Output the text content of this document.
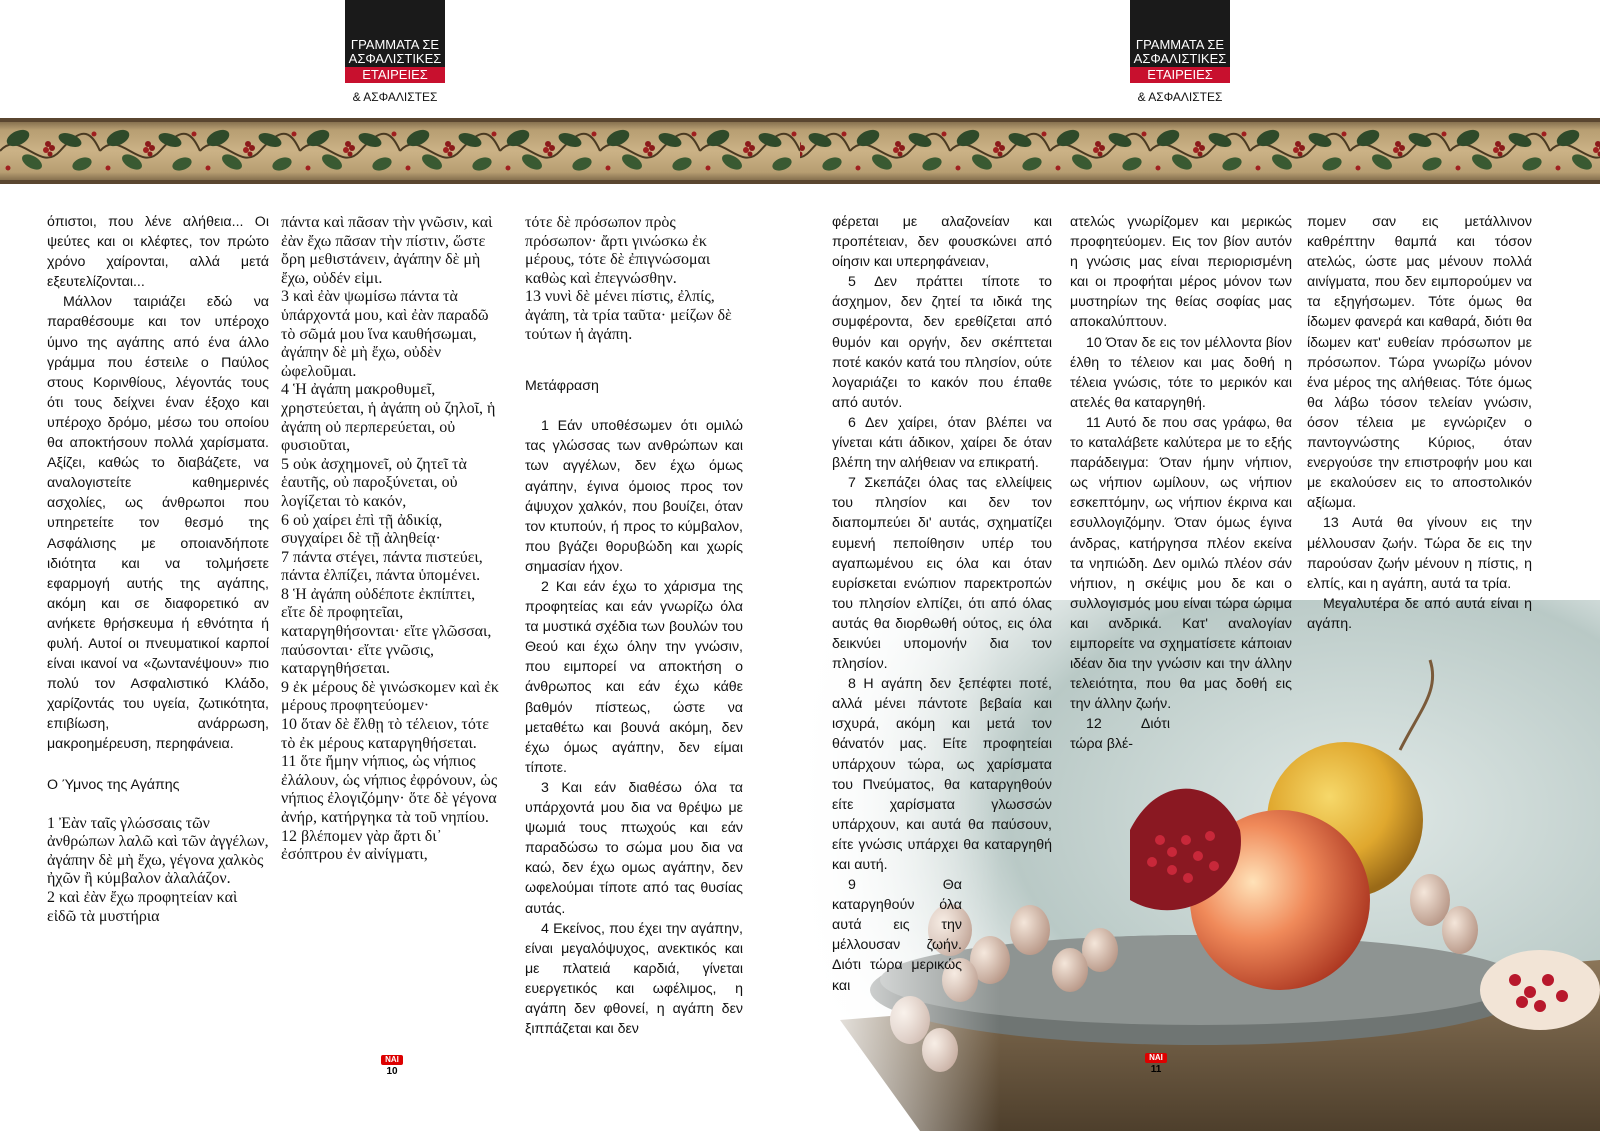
ΓΡΑΜΜΑΤΑ ΣΕ
ΑΣΦΑΛΙΣΤΙΚΕΣ
ΕΤΑΙΡΕΙΕΣ
& ΑΣΦΑΛΙΣΤΕΣ

όπιστοι, που λένε αλήθεια... Οι ψεύτες και οι κλέφτες, τον πρώτο χρόνο χαίρονται, αλλά μετά εξευτελίζονται...

Μάλλον ταιριάζει εδώ να παραθέσουμε και τον υπέροχο ύμνο της αγάπης από ένα άλλο γράμμα που έστειλε ο Παύλος στους Κορινθίους, λέγοντάς τους ότι τους δείχνει έναν έξοχο και υπέροχο δρόμο, μέσω του οποίου θα αποκτήσουν πολλά χαρίσματα. Αξίζει, καθώς το διαβάζετε, να αναλογιστείτε καθημερινές ασχολίες, ως άνθρωποι που υπηρετείτε τον θεσμό της Ασφάλισης με οποιανδήποτε ιδιότητα και να τολμήσετε εφαρμογή αυτής της αγάπης, ακόμη και σε διαφορετικό αν ανήκετε θρήσκευμα ή εθνότητα ή φυλή. Αυτοί οι πνευματικοί καρποί είναι ικανοί να «ζωντανέψουν» πιο πολύ τον Ασφαλιστικό Κλάδο, χαρίζοντάς του υγεία, ζωτικότητα, επιβίωση, ανάρρωση, μακροημέρευση, περηφάνεια.

Ο Ύμνος της Αγάπης

1 Ἐὰν ταῖς γλώσσαις τῶν ἀνθρώπων λαλῶ καὶ τῶν ἀγγέλων, ἀγάπην δὲ μὴ ἔχω, γέγονα χαλκὸς ἠχῶν ἢ κύμβαλον ἀλαλάζον.

2 καὶ ἐὰν ἔχω προφητείαν καὶ εἰδῶ τὰ μυστήρια

πάντα καὶ πᾶσαν τὴν γνῶσιν, καὶ ἐὰν ἔχω πᾶσαν τὴν πίστιν, ὥστε ὄρη μεθιστάνειν, ἀγάπην δὲ μὴ ἔχω, οὐδέν εἰμι.

3 καὶ ἐὰν ψωμίσω πάντα τὰ ὑπάρχοντά μου, καὶ ἐὰν παραδῶ τὸ σῶμά μου ἵνα καυθήσωμαι, ἀγάπην δὲ μὴ ἔχω, οὐδὲν ὠφελοῦμαι.

4 Ἡ ἀγάπη μακροθυμεῖ, χρηστεύεται, ἡ ἀγάπη οὐ ζηλοῖ, ἡ ἀγάπη οὐ περπερεύεται, οὐ φυσιοῦται,

5 οὐκ ἀσχημονεῖ, οὐ ζητεῖ τὰ ἑαυτῆς, οὐ παροξύνεται, οὐ λογίζεται τὸ κακόν,

6 οὐ χαίρει ἐπὶ τῇ ἀδικίᾳ, συγχαίρει δὲ τῇ ἀληθείᾳ·

7 πάντα στέγει, πάντα πιστεύει, πάντα ἐλπίζει, πάντα ὑπομένει.

8 Ἡ ἀγάπη οὐδέποτε ἐκπίπτει, εἴτε δὲ προφητεῖαι, καταργηθήσονται· εἴτε γλῶσσαι, παύσονται· εἴτε γνῶσις, καταργηθήσεται.

9 ἐκ μέρους δὲ γινώσκομεν καὶ ἐκ μέρους προφητεύομεν·

10 ὅταν δὲ ἔλθῃ τὸ τέλειον, τότε τὸ ἐκ μέρους καταργηθήσεται.

11 ὅτε ἤμην νήπιος, ὡς νήπιος ἐλάλουν, ὡς νήπιος ἐφρόνουν, ὡς νήπιος ἐλογιζόμην· ὅτε δὲ γέγονα ἀνήρ, κατήργηκα τὰ τοῦ νηπίου.

12 βλέπομεν γὰρ ἄρτι δι᾽ ἐσόπτρου ἐν αἰνίγματι,

τότε δὲ πρόσωπον πρὸς πρόσωπον· ἄρτι γινώσκω ἐκ μέρους, τότε δὲ ἐπιγνώσομαι καθὼς καὶ ἐπεγνώσθην.

13 νυνὶ δὲ μένει πίστις, ἐλπίς, ἀγάπη, τὰ τρία ταῦτα· μείζων δὲ τούτων ἡ ἀγάπη.

Μετάφραση

1 Εάν υποθέσωμεν ότι ομιλώ τας γλώσσας των ανθρώπων και των αγγέλων, δεν έχω όμως αγάπην, έγινα όμοιος προς τον άψυχον χαλκόν, που βουίζει, όταν τον κτυπούν, ή προς το κύμβαλον, που βγάζει θορυβώδη και χωρίς σημασίαν ήχον.

2 Και εάν έχω το χάρισμα της προφητείας και εάν γνωρίζω όλα τα μυστικά σχέδια των βουλών του Θεού και έχω όλην την γνώσιν, που ειμπορεί να αποκτήση ο άνθρωπος και εάν έχω κάθε βαθμόν πίστεως, ώστε να μεταθέτω και βουνά ακόμη, δεν έχω όμως αγάπην, δεν είμαι τίποτε.

3 Και εάν διαθέσω όλα τα υπάρχοντά μου δια να θρέψω με ψωμιά τους πτωχούς και εάν παραδώσω το σώμα μου δια να καώ, δεν έχω ομως αγάπην, δεν ωφελούμαι τίποτε από τας θυσίας αυτάς.

4 Εκείνος, που έχει την αγάπην, είναι μεγαλόψυχος, ανεκτικός και με πλατειά καρδιά, γίνεται ευεργετικός και ωφέλιμος, η αγάπη δεν φθονεί, η αγάπη δεν ξιππάζεται και δεν

ΝΑΙ
10
ΓΡΑΜΜΑΤΑ ΣΕ
ΑΣΦΑΛΙΣΤΙΚΕΣ
ΕΤΑΙΡΕΙΕΣ
& ΑΣΦΑΛΙΣΤΕΣ

φέρεται με αλαζονείαν και προπέτειαν, δεν φουσκώνει από οίησιν και υπερηφάνειαν,

5 Δεν πράττει τίποτε το άσχημον, δεν ζητεί τα ιδικά της συμφέροντα, δεν ερεθίζεται από θυμόν και οργήν, δεν σκέπτεται ποτέ κακόν κατά του πλησίον, ούτε λογαριάζει το κακόν που έπαθε από αυτόν.

6 Δεν χαίρει, όταν βλέπει να γίνεται κάτι άδικον, χαίρει δε όταν βλέπη την αλήθειαν να επικρατή.

7 Σκεπάζει όλας τας ελλείψεις του πλησίον και δεν τον διαπομπεύει δι' αυτάς, σχηματίζει ευμενή πεποίθησιν υπέρ του αγαπωμένου εις όλα και όταν ευρίσκεται ενώπιον παρεκτροπών του πλησίον ελπίζει, ότι από όλας αυτάς θα διορθωθή ούτος, εις όλα δεικνύει υπομονήν δια τον πλησίον.

8 Η αγάπη δεν ξεπέφτει ποτέ, αλλά μένει πάντοτε βεβαία και ισχυρά, ακόμη και μετά τον θάνατόν μας. Είτε προφητείαι υπάρχουν τώρα, ως χαρίσματα του Πνεύματος, θα καταργηθούν είτε χαρίσματα γλωσσών υπάρχουν, και αυτά θα παύσουν, είτε γνώσις υπάρχει θα καταργηθή και αυτή.

9 Θα καταργηθούν όλα αυτά εις την μέλλουσαν ζωήν. Διότι τώρα μερικώς και

ατελώς γνωρίζομεν και μερικώς προφητεύομεν. Εις τον βίον αυτόν η γνώσις μας είναι περιορισμένη και οι προφήται μέρος μόνον των μυστηρίων της θείας σοφίας μας αποκαλύπτουν.

10 Όταν δε εις τον μέλλοντα βίον έλθη το τέλειον και μας δοθή η τέλεια γνώσις, τότε το μερικόν και ατελές θα καταργηθή.

11 Αυτό δε που σας γράφω, θα το καταλάβετε καλύτερα με το εξής παράδειγμα: Όταν ήμην νήπιον, ως νήπιον ωμίλουν, ως νήπιον εσκεπτόμην, ως νήπιον έκρινα και εσυλλογιζόμην. Όταν όμως έγινα άνδρας, κατήργησα πλέον εκείνα τα νηπιώδη. Δεν ομιλώ πλέον σάν νήπιον, η σκέψις μου δε και ο συλλογισμός μου είναι τώρα ώριμα και ανδρικά. Κατ' αναλογίαν ειμπορείτε να σχηματίσετε κάποιαν ιδέαν δια την γνώσιν και την άλλην τελειότητα, που θα μας δοθή εις την άλλην ζωήν.

12 Διότι τώρα βλέ-

πομεν σαν εις μετάλλινον καθρέπτην θαμπά και τόσον ατελώς, ώστε μας μένουν πολλά αινίγματα, που δεν ειμπορούμεν να τα εξηγήσωμεν. Τότε όμως θα ίδωμεν φανερά και καθαρά, διότι θα ίδωμεν κατ' ευθείαν πρόσωπον με πρόσωπον. Τώρα γνωρίζω μόνον ένα μέρος της αλήθειας. Τότε όμως θα λάβω τόσον τελείαν γνώσιν, όσον τέλεια με εγνώριζεν ο παντογνώστης Κύριος, όταν ενεργούσε την επιστροφήν μου και με εκαλούσεν εις το αποστολικόν αξίωμα.

13 Αυτά θα γίνουν εις την μέλλουσαν ζωήν. Τώρα δε εις την παρούσαν ζωήν μένουν η πίστις, η ελπίς, και η αγάπη, αυτά τα τρία.

Μεγαλυτέρα δε από αυτά είναι η αγάπη.

ΝΑΙ
11
